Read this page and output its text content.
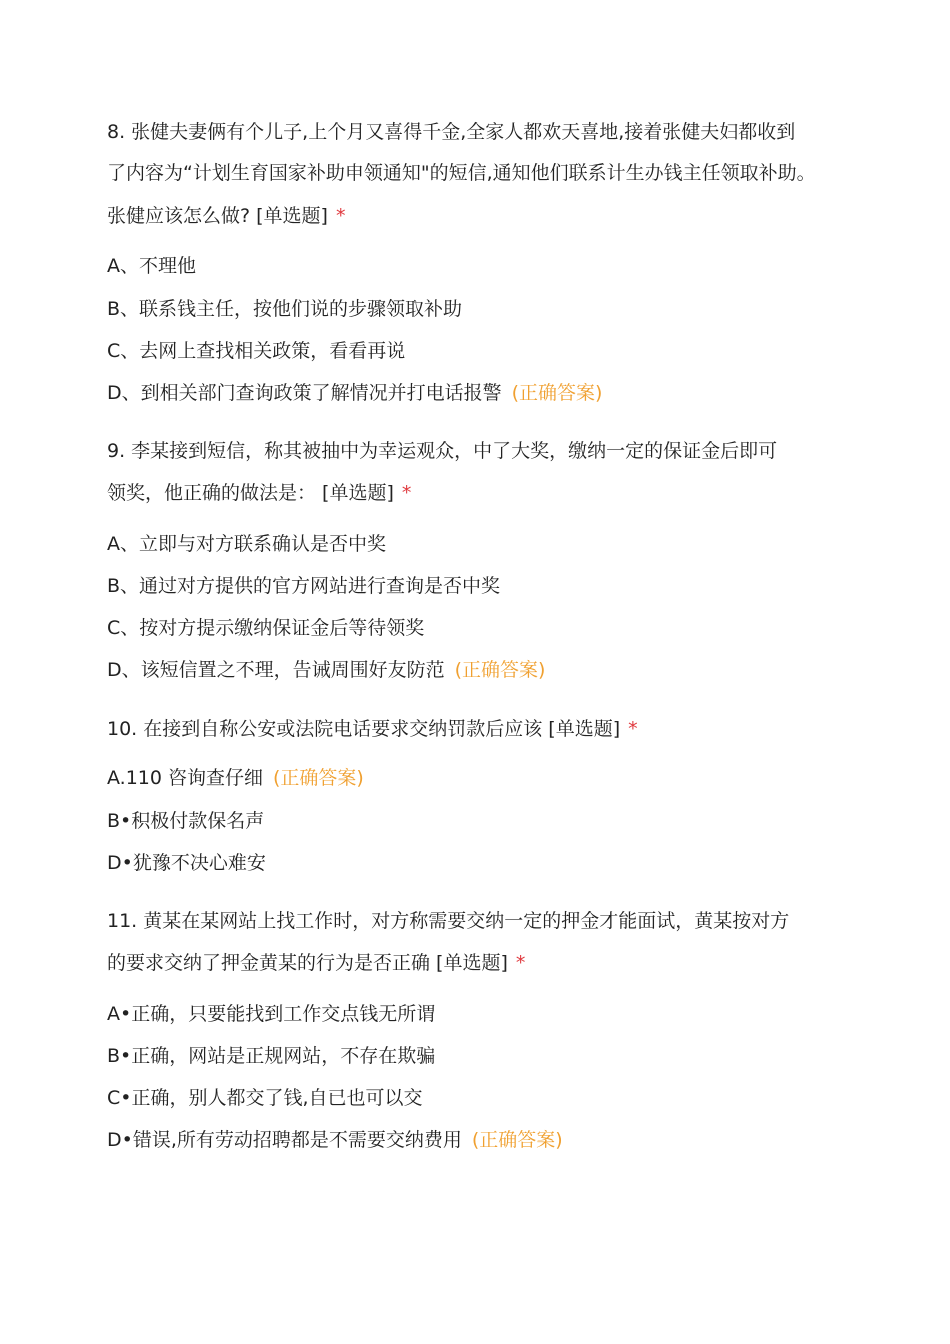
8. 张健夫妻俩有个儿子,上个月又喜得千金,全家人都欢天喜地,接着张健夫妇都收到
了内容为“计划生育国家补助申领通知"的短信,通知他们联系计生办钱主任领取补助。
张健应该怎么做? [单选题] *
A、不理他
B、联系钱主任，按他们说的步骤领取补助
C、去网上查找相关政策，看看再说
D、到相关部门查询政策了解情况并打电话报警 (正确答案)
9. 李某接到短信，称其被抽中为幸运观众，中了大奖，缴纳一定的保证金后即可
领奖，他正确的做法是： [单选题] *
A、立即与对方联系确认是否中奖
B、通过对方提供的官方网站进行查询是否中奖
C、按对方提示缴纳保证金后等待领奖
D、该短信置之不理，告诫周围好友防范 (正确答案)
10. 在接到自称公安或法院电话要求交纳罚款后应该 [单选题] *
A.110 咨询查仔细 (正确答案)
B•积极付款保名声
D•犹豫不决心难安
11. 黄某在某网站上找工作时，对方称需要交纳一定的押金才能面试，黄某按对方
的要求交纳了押金黄某的行为是否正确 [单选题] *
A•正确，只要能找到工作交点钱无所谓
B•正确，网站是正规网站，不存在欺骗
C•正确，别人都交了钱,自已也可以交
D•错误,所有劳动招聘都是不需要交纳费用 (正确答案)
